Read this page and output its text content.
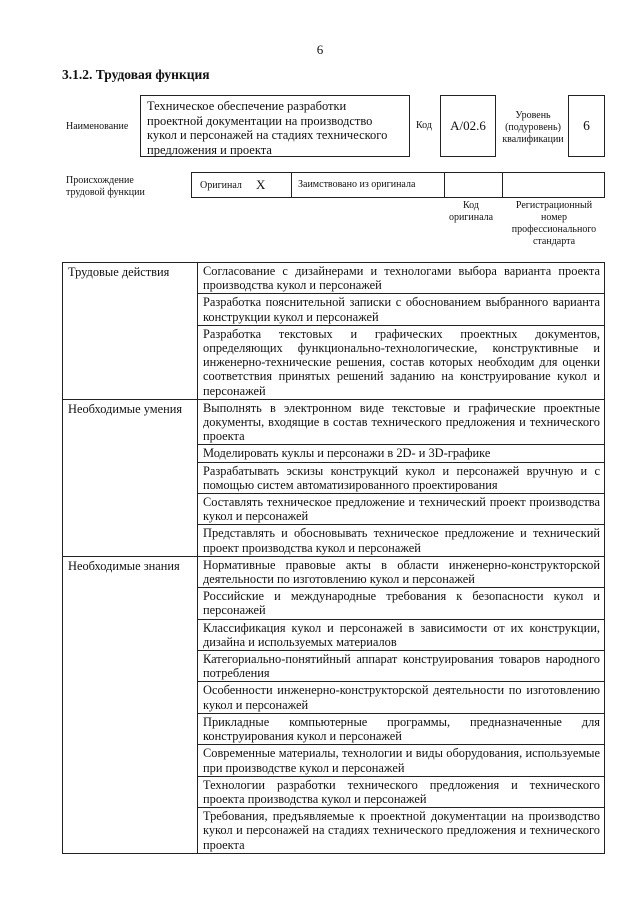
6
3.1.2. Трудовая функция
Наименование
Техническое обеспечение разработки проектной документации на производство кукол и персонажей на стадиях технического предложения и проекта
Код	А/02.6
Уровень (подуровень) квалификации
6
Происхождение трудовой функции
Оригинал X	Заимствовано из оригинала
Код оригинала
Регистрационный номер профессионального стандарта
Трудовые действия	Согласование с дизайнерами и технологами выбора варианта проекта производства кукол и персонажей
	Разработка пояснительной записки с обоснованием выбранного варианта конструкции кукол и персонажей
	Разработка текстовых и графических проектных документов, определяющих функционально-технологические, конструктивные и инженерно-технические решения, состав которых необходим для оценки соответствия принятых решений заданию на конструирование кукол и персонажей
Необходимые умения	Выполнять в электронном виде текстовые и графические проектные документы, входящие в состав технического предложения и технического проекта
	Моделировать куклы и персонажи в 2D- и 3D-графике
	Разрабатывать эскизы конструкций кукол и персонажей вручную и с помощью систем автоматизированного проектирования
	Составлять техническое предложение и технический проект производства кукол и персонажей
	Представлять и обосновывать техническое предложение и технический проект производства кукол и персонажей
Необходимые знания	Нормативные правовые акты в области инженерно-конструкторской деятельности по изготовлению кукол и персонажей
	Российские и международные требования к безопасности кукол и персонажей
	Классификация кукол и персонажей в зависимости от их конструкции, дизайна и используемых материалов
	Категориально-понятийный аппарат конструирования товаров народного потребления
	Особенности инженерно-конструкторской деятельности по изготовлению кукол и персонажей
	Прикладные компьютерные программы, предназначенные для конструирования кукол и персонажей
	Современные материалы, технологии и виды оборудования, используемые при производстве кукол и персонажей
	Технологии разработки технического предложения и технического проекта производства кукол и персонажей
	Требования, предъявляемые к проектной документации на производство кукол и персонажей на стадиях технического предложения и технического проекта
